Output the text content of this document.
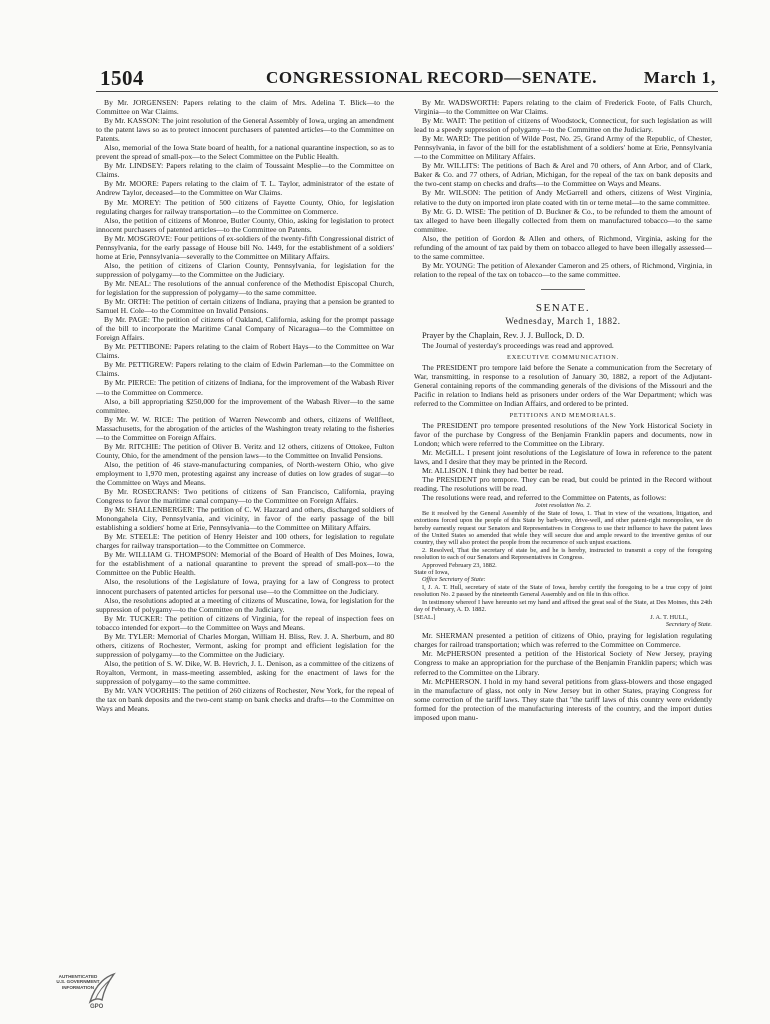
1504	CONGRESSIONAL RECORD—SENATE.	March 1,

By Mr. JORGENSEN: Papers relating to the claim of Mrs. Adelina T. Blick—to the Committee on War Claims.

By Mr. KASSON: The joint resolution of the General Assembly of Iowa, urging an amendment to the patent laws so as to protect innocent purchasers of patented articles—to the Committee on Patents.

Also, memorial of the Iowa State board of health, for a national quarantine inspection, so as to prevent the spread of small-pox—to the Select Committee on the Public Health.

By Mr. LINDSEY: Papers relating to the claim of Toussaint Mesplie—to the Committee on Claims.

By Mr. MOORE: Papers relating to the claim of T. L. Taylor, administrator of the estate of Andrew Taylor, deceased—to the Committee on War Claims.

By Mr. MOREY: The petition of 500 citizens of Fayette County, Ohio, for legislation regulating charges for railway transportation—to the Committee on Commerce.

Also, the petition of citizens of Monroe, Butler County, Ohio, asking for legislation to protect innocent purchasers of patented articles—to the Committee on Patents.

By Mr. MOSGROVE: Four petitions of ex-soldiers of the twenty-fifth Congressional district of Pennsylvania, for the early passage of House bill No. 1449, for the establishment of a soldiers' home at Erie, Pennsylvania—severally to the Committee on Military Affairs.

Also, the petition of citizens of Clarion County, Pennsylvania, for legislation for the suppression of polygamy—to the Committee on the Judiciary.

By Mr. NEAL: The resolutions of the annual conference of the Methodist Episcopal Church, for legislation for the suppression of polygamy—to the same committee.

By Mr. ORTH: The petition of certain citizens of Indiana, praying that a pension be granted to Samuel H. Cole—to the Committee on Invalid Pensions.

By Mr. PAGE: The petition of citizens of Oakland, California, asking for the prompt passage of the bill to incorporate the Maritime Canal Company of Nicaragua—to the Committee on Foreign Affairs.

By Mr. PETTIBONE: Papers relating to the claim of Robert Hays—to the Committee on War Claims.

By Mr. PETTIGREW: Papers relating to the claim of Edwin Parleman—to the Committee on Claims.

By Mr. PIERCE: The petition of citizens of Indiana, for the improvement of the Wabash River—to the Committee on Commerce.

Also, a bill appropriating $250,000 for the improvement of the Wabash River—to the same committee.

By Mr. W. W. RICE: The petition of Warren Newcomb and others, citizens of Wellfleet, Massachusetts, for the abrogation of the articles of the Washington treaty relating to the fisheries—to the Committee on Foreign Affairs.

By Mr. RITCHIE: The petition of Oliver B. Veritz and 12 others, citizens of Ottokee, Fulton County, Ohio, for the amendment of the pension laws—to the Committee on Invalid Pensions.

Also, the petition of 46 stave-manufacturing companies, of North-western Ohio, who give employment to 1,970 men, protesting against any increase of duties on low grades of sugar—to the Committee on Ways and Means.

By Mr. ROSECRANS: Two petitions of citizens of San Francisco, California, praying Congress to favor the maritime canal company—to the Committee on Foreign Affairs.

By Mr. SHALLENBERGER: The petition of C. W. Hazzard and others, discharged soldiers of Monongahela City, Pennsylvania, and vicinity, in favor of the early passage of the bill establishing a soldiers' home at Erie, Pennsylvania—to the Committee on Military Affairs.

By Mr. STEELE: The petition of Henry Heister and 100 others, for legislation to regulate charges for railway transportation—to the Committee on Commerce.

By Mr. WILLIAM G. THOMPSON: Memorial of the Board of Health of Des Moines, Iowa, for the establishment of a national quarantine to prevent the spread of small-pox—to the Committee on the Public Health.

Also, the resolutions of the Legislature of Iowa, praying for a law of Congress to protect innocent purchasers of patented articles for personal use—to the Committee on the Judiciary.

Also, the resolutions adopted at a meeting of citizens of Muscatine, Iowa, for legislation for the suppression of polygamy—to the Committee on the Judiciary.

By Mr. TUCKER: The petition of citizens of Virginia, for the repeal of inspection fees on tobacco intended for export—to the Committee on Ways and Means.

By Mr. TYLER: Memorial of Charles Morgan, William H. Bliss, Rev. J. A. Sherburn, and 80 others, citizens of Rochester, Vermont, asking for prompt and efficient legislation for the suppression of polygamy—to the Committee on the Judiciary.

Also, the petition of S. W. Dike, W. B. Hevrich, J. L. Denison, as a committee of the citizens of Royalton, Vermont, in mass-meeting assembled, asking for the enactment of laws for the suppression of polygamy—to the same committee.

By Mr. VAN VOORHIS: The petition of 260 citizens of Rochester, New York, for the repeal of the tax on bank deposits and the two-cent stamp on bank checks and drafts—to the Committee on Ways and Means.

By Mr. WADSWORTH: Papers relating to the claim of Frederick Foote, of Falls Church, Virginia—to the Committee on War Claims.

By Mr. WAIT: The petition of citizens of Woodstock, Connecticut, for such legislation as will lead to a speedy suppression of polygamy—to the Committee on the Judiciary.

By Mr. WARD: The petition of Wilde Post, No. 25, Grand Army of the Republic, of Chester, Pennsylvania, in favor of the bill for the establishment of a soldiers' home at Erie, Pennsylvania—to the Committee on Military Affairs.

By Mr. WILLITS: The petitions of Bach & Arel and 70 others, of Ann Arbor, and of Clark, Baker & Co. and 77 others, of Adrian, Michigan, for the repeal of the tax on bank deposits and the two-cent stamp on checks and drafts—to the Committee on Ways and Means.

By Mr. WILSON: The petition of Andy McGarrell and others, citizens of West Virginia, relative to the duty on imported iron plate coated with tin or terne metal—to the same committee.

By Mr. G. D. WISE: The petition of D. Buckner & Co., to be refunded to them the amount of tax alleged to have been illegally collected from them on manufactured tobacco—to the same committee.

Also, the petition of Gordon & Allen and others, of Richmond, Virginia, asking for the refunding of the amount of tax paid by them on tobacco alleged to have been illegally assessed—to the same committee.

By Mr. YOUNG: The petition of Alexander Cameron and 25 others, of Richmond, Virginia, in relation to the repeal of the tax on tobacco—to the same committee.

SENATE.

Wednesday, March 1, 1882.

Prayer by the Chaplain, Rev. J. J. Bullock, D. D.

The Journal of yesterday's proceedings was read and approved.

EXECUTIVE COMMUNICATION.

The PRESIDENT pro tempore laid before the Senate a communication from the Secretary of War, transmitting, in response to a resolution of January 30, 1882, a report of the Adjutant-General containing reports of the commanding generals of the divisions of the Missouri and the Pacific in relation to Indians held as prisoners under orders of the War Department; which was referred to the Committee on Indian Affairs, and ordered to be printed.

PETITIONS AND MEMORIALS.

The PRESIDENT pro tempore presented resolutions of the New York Historical Society in favor of the purchase by Congress of the Benjamin Franklin papers and documents, now in London; which were referred to the Committee on the Library.

Mr. McGILL. I present joint resolutions of the Legislature of Iowa in reference to the patent laws, and I desire that they may be printed in the Record.

Mr. ALLISON. I think they had better be read.

The PRESIDENT pro tempore. They can be read, but could be printed in the Record without reading. The resolutions will be read.

The resolutions were read, and referred to the Committee on Patents, as follows:

Joint resolution No. 2.

Be it resolved by the General Assembly of the State of Iowa, 1. That in view of the vexations, litigation, and extortions forced upon the people of this State by barb-wire, drive-well, and other patent-right monopolies, we do hereby earnestly request our Senators and Representatives in Congress to use their influence to have the patent laws of the United States so amended that while they will secure due and ample reward to the inventive genius of our country, they will also protect the people from the recurrence of such unjust exactions.

2. Resolved, That the secretary of state be, and he is hereby, instructed to transmit a copy of the foregoing resolution to each of our Senators and Representatives in Congress.

Approved February 23, 1882.

State of Iowa,

Office Secretary of State:

I, J. A. T. Hull, secretary of state of the State of Iowa, hereby certify the foregoing to be a true copy of joint resolution No. 2 passed by the nineteenth General Assembly and on file in this office.

In testimony whereof I have hereunto set my hand and affixed the great seal of the State, at Des Moines, this 24th day of February, A. D. 1882.

[SEAL.]	J. A. T. HULL,

Secretary of State.

Mr. SHERMAN presented a petition of citizens of Ohio, praying for legislation regulating charges for railroad transportation; which was referred to the Committee on Commerce.

Mr. McPHERSON presented a petition of the Historical Society of New Jersey, praying Congress to make an appropriation for the purchase of the Benjamin Franklin papers; which was referred to the Committee on the Library.

Mr. McPHERSON. I hold in my hand several petitions from glass-blowers and those engaged in the manufacture of glass, not only in New Jersey but in other States, praying Congress for some correction of the tariff laws. They state that "the tariff laws of this country were evidently formed for the protection of the manufacturing interests of the country, and the import duties imposed upon manu-

AUTHENTICATED
U.S. GOVERNMENT
INFORMATION
GPO
